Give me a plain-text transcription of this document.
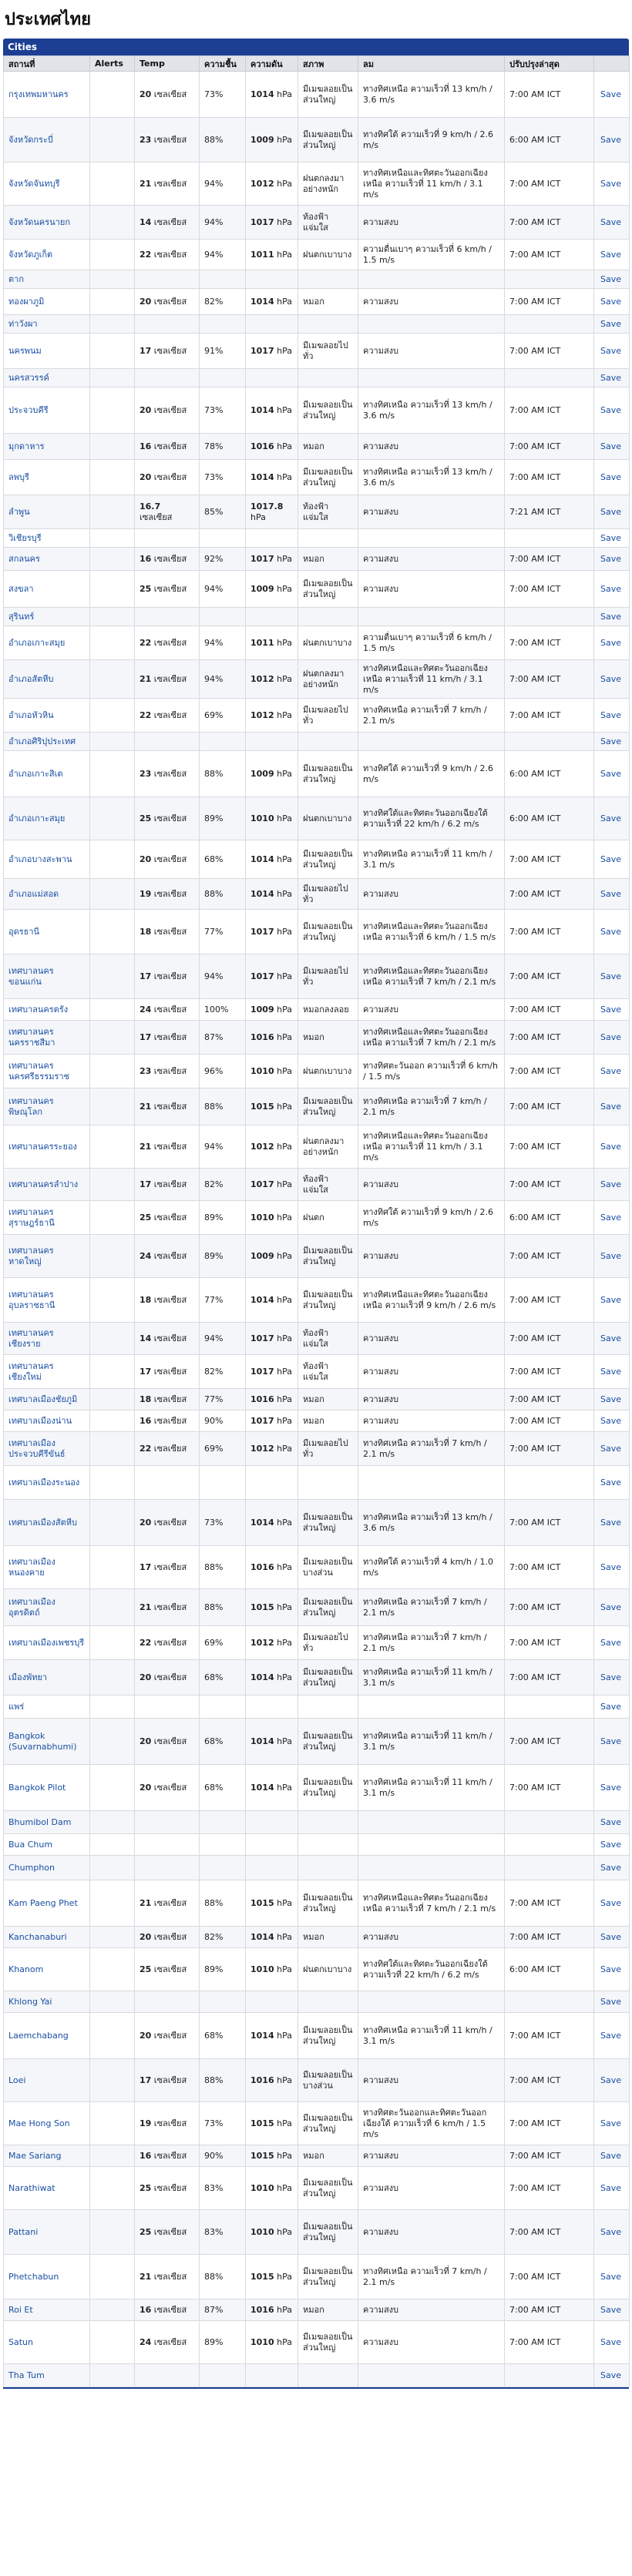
ประเทศไทย
Cities
สถานที่	Alerts	Temp	ความชื้น	ความดัน	สภาพ	ลม	ปรับปรุงล่าสุด	
กรุงเทพมหานคร		20 เซลเซียส	73%	1014 hPa	มีเมฆลอยเป็นส่วนใหญ่	ทางทิศเหนือ ความเร็วที่ 13 km/h / 3.6 m/s	7:00 AM ICT	Save
จังหวัดกระบี่		23 เซลเซียส	88%	1009 hPa	มีเมฆลอยเป็นส่วนใหญ่	ทางทิศใต้ ความเร็วที่ 9 km/h / 2.6 m/s	6:00 AM ICT	Save
จังหวัดจันทบุรี		21 เซลเซียส	94%	1012 hPa	ฝนตกลงมาอย่างหนัก	ทางทิศเหนือและทิศตะวันออกเฉียงเหนือ ความเร็วที่ 11 km/h / 3.1 m/s	7:00 AM ICT	Save
จังหวัดนครนายก		14 เซลเซียส	94%	1017 hPa	ท้องฟ้าแจ่มใส	ความสงบ	7:00 AM ICT	Save
จังหวัดภูเก็ต		22 เซลเซียส	94%	1011 hPa	ฝนตกเบาบาง	ความตื่นเบาๆ ความเร็วที่ 6 km/h / 1.5 m/s	7:00 AM ICT	Save
ตาก								Save
ทองผาภูมิ		20 เซลเซียส	82%	1014 hPa	หมอก	ความสงบ	7:00 AM ICT	Save
ท่าวังผา								Save
นครพนม		17 เซลเซียส	91%	1017 hPa	มีเมฆลอยไปทั่ว	ความสงบ	7:00 AM ICT	Save
นครสวรรค์								Save
ประจวบคีรี		20 เซลเซียส	73%	1014 hPa	มีเมฆลอยเป็นส่วนใหญ่	ทางทิศเหนือ ความเร็วที่ 13 km/h / 3.6 m/s	7:00 AM ICT	Save
มุกดาหาร		16 เซลเซียส	78%	1016 hPa	หมอก	ความสงบ	7:00 AM ICT	Save
ลพบุรี		20 เซลเซียส	73%	1014 hPa	มีเมฆลอยเป็นส่วนใหญ่	ทางทิศเหนือ ความเร็วที่ 13 km/h / 3.6 m/s	7:00 AM ICT	Save
ลำพูน		16.7 เซลเซียส	85%	1017.8 hPa	ท้องฟ้าแจ่มใส	ความสงบ	7:21 AM ICT	Save
วิเชียรบุรี								Save
สกลนคร		16 เซลเซียส	92%	1017 hPa	หมอก	ความสงบ	7:00 AM ICT	Save
สงขลา		25 เซลเซียส	94%	1009 hPa	มีเมฆลอยเป็นส่วนใหญ่	ความสงบ	7:00 AM ICT	Save
สุรินทร์								Save
อำเภอเกาะสมุย		22 เซลเซียส	94%	1011 hPa	ฝนตกเบาบาง	ความตื่นเบาๆ ความเร็วที่ 6 km/h / 1.5 m/s	7:00 AM ICT	Save
อำเภอสัตหีบ		21 เซลเซียส	94%	1012 hPa	ฝนตกลงมาอย่างหนัก	ทางทิศเหนือและทิศตะวันออกเฉียงเหนือ ความเร็วที่ 11 km/h / 3.1 m/s	7:00 AM ICT	Save
อำเภอหัวหิน		22 เซลเซียส	69%	1012 hPa	มีเมฆลอยไปทั่ว	ทางทิศเหนือ ความเร็วที่ 7 km/h / 2.1 m/s	7:00 AM ICT	Save
อำเภอศิริปุประเทศ								Save
อำเภอเกาะสิเต		23 เซลเซียส	88%	1009 hPa	มีเมฆลอยเป็นส่วนใหญ่	ทางทิศใต้ ความเร็วที่ 9 km/h / 2.6 m/s	6:00 AM ICT	Save
อำเภอเกาะสมุย		25 เซลเซียส	89%	1010 hPa	ฝนตกเบาบาง	ทางทิศใต้และทิศตะวันออกเฉียงใต้ ความเร็วที่ 22 km/h / 6.2 m/s	6:00 AM ICT	Save
อำเภอบางสะพาน		20 เซลเซียส	68%	1014 hPa	มีเมฆลอยเป็นส่วนใหญ่	ทางทิศเหนือ ความเร็วที่ 11 km/h / 3.1 m/s	7:00 AM ICT	Save
อำเภอแม่สอด		19 เซลเซียส	88%	1014 hPa	มีเมฆลอยไปทั่ว	ความสงบ	7:00 AM ICT	Save
อุดรธานี		18 เซลเซียส	77%	1017 hPa	มีเมฆลอยเป็นส่วนใหญ่	ทางทิศเหนือและทิศตะวันออกเฉียงเหนือ ความเร็วที่ 6 km/h / 1.5 m/s	7:00 AM ICT	Save
เทศบาลนครขอนแก่น		17 เซลเซียส	94%	1017 hPa	มีเมฆลอยไปทั่ว	ทางทิศเหนือและทิศตะวันออกเฉียงเหนือ ความเร็วที่ 7 km/h / 2.1 m/s	7:00 AM ICT	Save
เทศบาลนครตรัง		24 เซลเซียส	100%	1009 hPa	หมอกลงลอย	ความสงบ	7:00 AM ICT	Save
เทศบาลนครนครราชสีมา		17 เซลเซียส	87%	1016 hPa	หมอก	ทางทิศเหนือและทิศตะวันออกเฉียงเหนือ ความเร็วที่ 7 km/h / 2.1 m/s	7:00 AM ICT	Save
เทศบาลนครนครศรีธรรมราช		23 เซลเซียส	96%	1010 hPa	ฝนตกเบาบาง	ทางทิศตะวันออก ความเร็วที่ 6 km/h / 1.5 m/s	7:00 AM ICT	Save
เทศบาลนครพิษณุโลก		21 เซลเซียส	88%	1015 hPa	มีเมฆลอยเป็นส่วนใหญ่	ทางทิศเหนือ ความเร็วที่ 7 km/h / 2.1 m/s	7:00 AM ICT	Save
เทศบาลนครระยอง		21 เซลเซียส	94%	1012 hPa	ฝนตกลงมาอย่างหนัก	ทางทิศเหนือและทิศตะวันออกเฉียงเหนือ ความเร็วที่ 11 km/h / 3.1 m/s	7:00 AM ICT	Save
เทศบาลนครลำปาง		17 เซลเซียส	82%	1017 hPa	ท้องฟ้าแจ่มใส	ความสงบ	7:00 AM ICT	Save
เทศบาลนครสุราษฎร์ธานี		25 เซลเซียส	89%	1010 hPa	ฝนตก	ทางทิศใต้ ความเร็วที่ 9 km/h / 2.6 m/s	6:00 AM ICT	Save
เทศบาลนครหาดใหญ่		24 เซลเซียส	89%	1009 hPa	มีเมฆลอยเป็นส่วนใหญ่	ความสงบ	7:00 AM ICT	Save
เทศบาลนครอุบลราชธานี		18 เซลเซียส	77%	1014 hPa	มีเมฆลอยเป็นส่วนใหญ่	ทางทิศเหนือและทิศตะวันออกเฉียงเหนือ ความเร็วที่ 9 km/h / 2.6 m/s	7:00 AM ICT	Save
เทศบาลนครเชียงราย		14 เซลเซียส	94%	1017 hPa	ท้องฟ้าแจ่มใส	ความสงบ	7:00 AM ICT	Save
เทศบาลนครเชียงใหม่		17 เซลเซียส	82%	1017 hPa	ท้องฟ้าแจ่มใส	ความสงบ	7:00 AM ICT	Save
เทศบาลเมืองชัยภูมิ		18 เซลเซียส	77%	1016 hPa	หมอก	ความสงบ	7:00 AM ICT	Save
เทศบาลเมืองน่าน		16 เซลเซียส	90%	1017 hPa	หมอก	ความสงบ	7:00 AM ICT	Save
เทศบาลเมืองประจวบคีรีขันธ์		22 เซลเซียส	69%	1012 hPa	มีเมฆลอยไปทั่ว	ทางทิศเหนือ ความเร็วที่ 7 km/h / 2.1 m/s	7:00 AM ICT	Save
เทศบาลเมืองระนอง								Save
เทศบาลเมืองสัตหีบ		20 เซลเซียส	73%	1014 hPa	มีเมฆลอยเป็นส่วนใหญ่	ทางทิศเหนือ ความเร็วที่ 13 km/h / 3.6 m/s	7:00 AM ICT	Save
เทศบาลเมืองหนองคาย		17 เซลเซียส	88%	1016 hPa	มีเมฆลอยเป็นบางส่วน	ทางทิศใต้ ความเร็วที่ 4 km/h / 1.0 m/s	7:00 AM ICT	Save
เทศบาลเมืองอุตรดิตถ์		21 เซลเซียส	88%	1015 hPa	มีเมฆลอยเป็นส่วนใหญ่	ทางทิศเหนือ ความเร็วที่ 7 km/h / 2.1 m/s	7:00 AM ICT	Save
เทศบาลเมืองเพชรบุรี		22 เซลเซียส	69%	1012 hPa	มีเมฆลอยไปทั่ว	ทางทิศเหนือ ความเร็วที่ 7 km/h / 2.1 m/s	7:00 AM ICT	Save
เมืองพัทยา		20 เซลเซียส	68%	1014 hPa	มีเมฆลอยเป็นส่วนใหญ่	ทางทิศเหนือ ความเร็วที่ 11 km/h / 3.1 m/s	7:00 AM ICT	Save
แพร่								Save
Bangkok (Suvarnabhumi)		20 เซลเซียส	68%	1014 hPa	มีเมฆลอยเป็นส่วนใหญ่	ทางทิศเหนือ ความเร็วที่ 11 km/h / 3.1 m/s	7:00 AM ICT	Save
Bangkok Pilot		20 เซลเซียส	68%	1014 hPa	มีเมฆลอยเป็นส่วนใหญ่	ทางทิศเหนือ ความเร็วที่ 11 km/h / 3.1 m/s	7:00 AM ICT	Save
Bhumibol Dam								Save
Bua Chum								Save
Chumphon								Save
Kam Paeng Phet		21 เซลเซียส	88%	1015 hPa	มีเมฆลอยเป็นส่วนใหญ่	ทางทิศเหนือและทิศตะวันออกเฉียงเหนือ ความเร็วที่ 7 km/h / 2.1 m/s	7:00 AM ICT	Save
Kanchanaburi		20 เซลเซียส	82%	1014 hPa	หมอก	ความสงบ	7:00 AM ICT	Save
Khanom		25 เซลเซียส	89%	1010 hPa	ฝนตกเบาบาง	ทางทิศใต้และทิศตะวันออกเฉียงใต้ ความเร็วที่ 22 km/h / 6.2 m/s	6:00 AM ICT	Save
Khlong Yai								Save
Laemchabang		20 เซลเซียส	68%	1014 hPa	มีเมฆลอยเป็นส่วนใหญ่	ทางทิศเหนือ ความเร็วที่ 11 km/h / 3.1 m/s	7:00 AM ICT	Save
Loei		17 เซลเซียส	88%	1016 hPa	มีเมฆลอยเป็นบางส่วน	ความสงบ	7:00 AM ICT	Save
Mae Hong Son		19 เซลเซียส	73%	1015 hPa	มีเมฆลอยเป็นส่วนใหญ่	ทางทิศตะวันออกและทิศตะวันออกเฉียงใต้ ความเร็วที่ 6 km/h / 1.5 m/s	7:00 AM ICT	Save
Mae Sariang		16 เซลเซียส	90%	1015 hPa	หมอก	ความสงบ	7:00 AM ICT	Save
Narathiwat		25 เซลเซียส	83%	1010 hPa	มีเมฆลอยเป็นส่วนใหญ่	ความสงบ	7:00 AM ICT	Save
Pattani		25 เซลเซียส	83%	1010 hPa	มีเมฆลอยเป็นส่วนใหญ่	ความสงบ	7:00 AM ICT	Save
Phetchabun		21 เซลเซียส	88%	1015 hPa	มีเมฆลอยเป็นส่วนใหญ่	ทางทิศเหนือ ความเร็วที่ 7 km/h / 2.1 m/s	7:00 AM ICT	Save
Roi Et		16 เซลเซียส	87%	1016 hPa	หมอก	ความสงบ	7:00 AM ICT	Save
Satun		24 เซลเซียส	89%	1010 hPa	มีเมฆลอยเป็นส่วนใหญ่	ความสงบ	7:00 AM ICT	Save
Tha Tum								Save
